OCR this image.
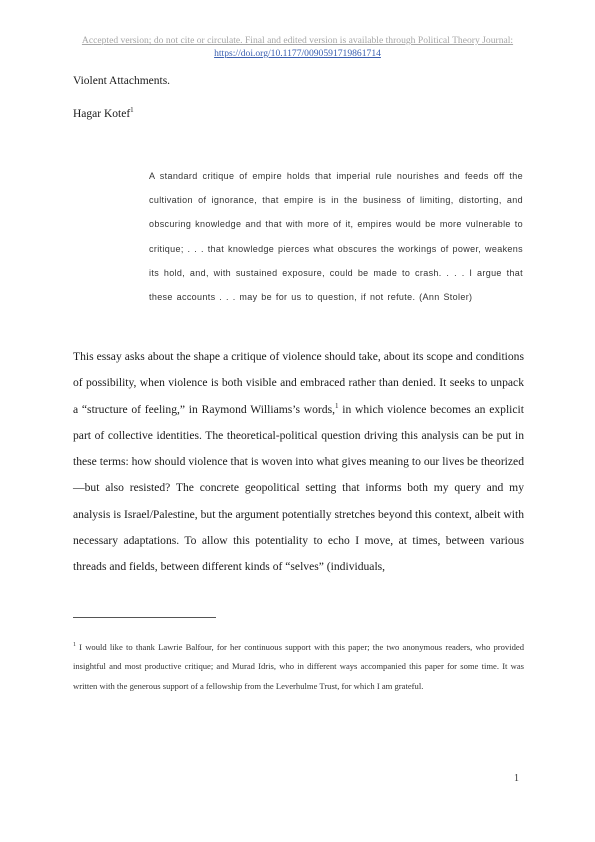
Accepted version; do not cite or circulate. Final and edited version is available through Political Theory Journal:
https://doi.org/10.1177/0090591719861714
Violent Attachments.
Hagar Kotef$^1$
A standard critique of empire holds that imperial rule nourishes and feeds off the cultivation of ignorance, that empire is in the business of limiting, distorting, and obscuring knowledge and that with more of it, empires would be more vulnerable to critique; . . . that knowledge pierces what obscures the workings of power, weakens its hold, and, with sustained exposure, could be made to crash. . . . I argue that these accounts . . . may be for us to question, if not refute. (Ann Stoler)
This essay asks about the shape a critique of violence should take, about its scope and conditions of possibility, when violence is both visible and embraced rather than denied. It seeks to unpack a “structure of feeling,” in Raymond Williams’s words,$^1$ in which violence becomes an explicit part of collective identities. The theoretical-political question driving this analysis can be put in these terms: how should violence that is woven into what gives meaning to our lives be theorized—but also resisted? The concrete geopolitical setting that informs both my query and my analysis is Israel/Palestine, but the argument potentially stretches beyond this context, albeit with necessary adaptations. To allow this potentiality to echo I move, at times, between various threads and fields, between different kinds of “selves” (individuals,
$^1$ I would like to thank Lawrie Balfour, for her continuous support with this paper; the two anonymous readers, who provided insightful and most productive critique; and Murad Idris, who in different ways accompanied this paper for some time. It was written with the generous support of a fellowship from the Leverhulme Trust, for which I am grateful.
1
